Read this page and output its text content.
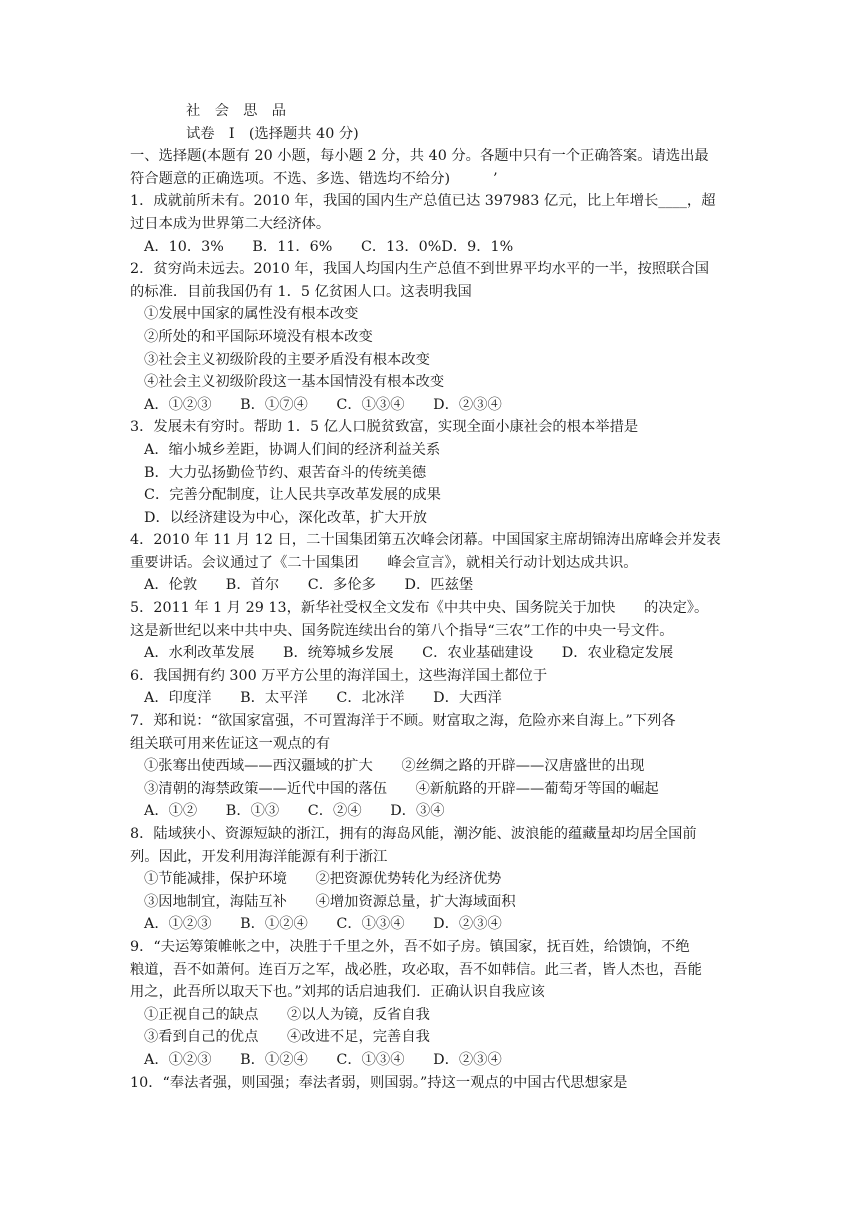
社　会　思　品
试卷　I　(选择题共 40 分)
一、选择题(本题有 20 小题，每小题 2 分，共 40 分。各题中只有一个正确答案。请选出最
符合题意的正确选项。不选、多选、错选均不给分)　　　’
1．成就前所未有。2010 年，我国的国内生产总值已达 397983 亿元，比上年增长____，超
过日本成为世界第二大经济体。
A．10．3%　　B．11．6%　　C．13．0%D．9．1%
2．贫穷尚未远去。2010 年，我国人均国内生产总值不到世界平均水平的一半，按照联合国
的标准．目前我国仍有 1．5 亿贫困人口。这表明我国
①发展中国家的属性没有根本改变
②所处的和平国际环境没有根本改变
③社会主义初级阶段的主要矛盾没有根本改变
④社会主义初级阶段这一基本国情没有根本改变
A．①②③　　B．①⑦④　　C．①③④　　D．②③④
3．发展未有穷时。帮助 1．5 亿人口脱贫致富，实现全面小康社会的根本举措是
A．缩小城乡差距，协调人们间的经济利益关系
B．大力弘扬勤俭节约、艰苦奋斗的传统美德
C．完善分配制度，让人民共享改革发展的成果
D．以经济建设为中心，深化改革，扩大开放
4．2010 年 11 月 12 日，二十国集团第五次峰会闭幕。中国国家主席胡锦涛出席峰会并发表
重要讲话。会议通过了《二十国集团　　峰会宣言》，就相关行动计划达成共识。
A．伦敦　　B．首尔　　C．多伦多　　D．匹兹堡
5．2011 年 1 月 29 13，新华社受权全文发布《中共中央、国务院关于加快　　的决定》。
这是新世纪以来中共中央、国务院连续出台的第八个指导“三农”工作的中央一号文件。
A．水利改革发展　　B．统筹城乡发展　　C．农业基础建设　　D．农业稳定发展
6．我国拥有约 300 万平方公里的海洋国土，这些海洋国土都位于
A．印度洋　　B．太平洋　　C．北冰洋　　D．大西洋
7．郑和说：“欲国家富强，不可置海洋于不顾。财富取之海，危险亦来自海上。”下列各
组关联可用来佐证这一观点的有
①张骞出使西域——西汉疆域的扩大　　②丝绸之路的开辟——汉唐盛世的出现
③清朝的海禁政策——近代中国的落伍　　④新航路的开辟——葡萄牙等国的崛起
A．①②　　B．①③　　C．②④　　D．③④
8．陆域狭小、资源短缺的浙江，拥有的海岛风能，潮汐能、波浪能的蕴藏量却均居全国前
列。因此，开发利用海洋能源有利于浙江
①节能减排，保护环境　　②把资源优势转化为经济优势
③因地制宜，海陆互补　　④增加资源总量，扩大海域面积
A．①②③　　B．①②④　　C．①③④　　D．②③④
9．“夫运筹策帷帐之中，决胜于千里之外，吾不如子房。镇国家，抚百姓，给馈饷，不绝
粮道，吾不如萧何。连百万之军，战必胜，攻必取，吾不如韩信。此三者，皆人杰也，吾能
用之，此吾所以取天下也。”刘邦的话启迪我们．正确认识自我应该
①正视自己的缺点　　②以人为镜，反省自我
③看到自己的优点　　④改进不足，完善自我
A．①②③　　B．①②④　　C．①③④　　D．②③④
10．“奉法者强，则国强；奉法者弱，则国弱。”持这一观点的中国古代思想家是
